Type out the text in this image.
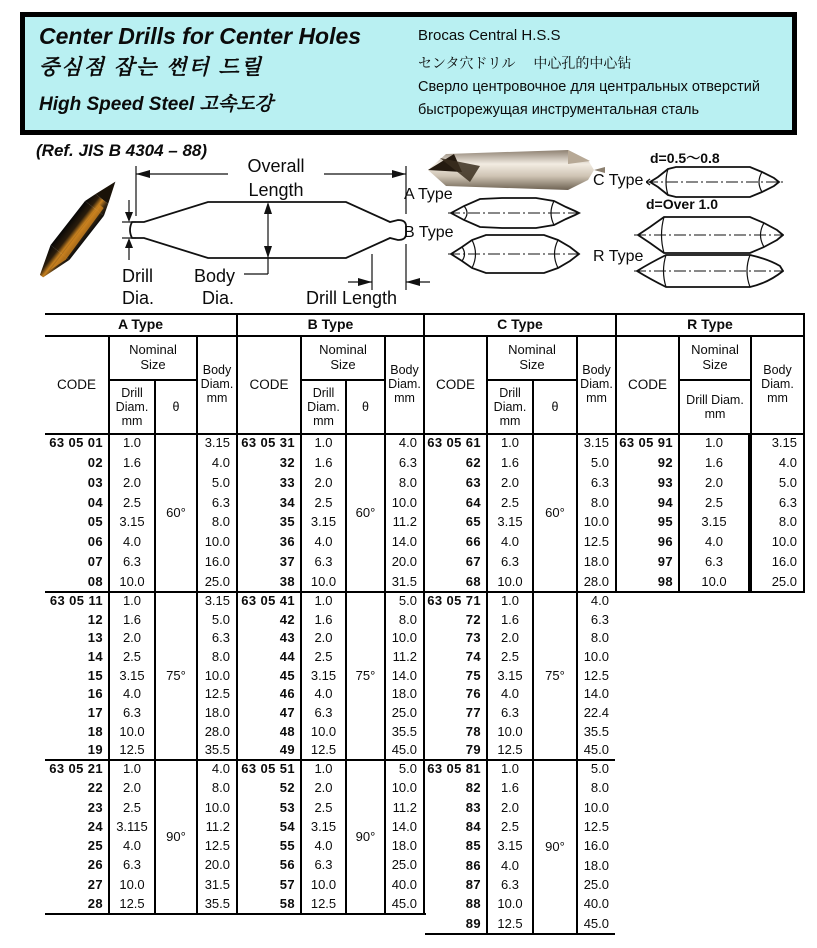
Center Drills for Center Holes
중심점 잡는 썬터 드릴
High Speed Steel 고속도강
Brocas Central H.S.S
センタ穴ドリル　 中心孔的中心钻
Сверло центровочное для центральных отверстий
быстрорежущая инструментальная сталь
(Ref. JIS B 4304 – 88)
Overall
Length
Drill
Dia.
Body
Dia.	Drill Length
A Type
B Type
d=0.5～0.8
C Type
d=Over 1.0
R Type
A Type
CODE
Nominal
Size
Drill
Diam.
mm
θ
Body
Diam.
mm
63 05 01
02
03
04
05
06
07
08
1.0
1.6
2.0
2.5
3.15
4.0
6.3
10.0
60°
3.15
4.0
5.0
6.3
8.0
10.0
16.0
25.0
63 05 11
12
13
14
15
16
17
18
19
1.0
1.6
2.0
2.5
3.15
4.0
6.3
10.0
12.5
75°
3.15
5.0
6.3
8.0
10.0
12.5
18.0
28.0
35.5
63 05 21
22
23
24
25
26
27
28
1.0
2.0
2.5
3.115
4.0
6.3
10.0
12.5
90°
4.0
8.0
10.0
11.2
12.5
20.0
31.5
35.5
B Type
CODE
Nominal
Size
Drill
Diam.
mm
θ
Body
Diam.
mm
63 05 31
32
33
34
35
36
37
38
1.0
1.6
2.0
2.5
3.15
4.0
6.3
10.0
60°
4.0
6.3
8.0
10.0
11.2
14.0
20.0
31.5
63 05 41
42
43
44
45
46
47
48
49
1.0
1.6
2.0
2.5
3.15
4.0
6.3
10.0
12.5
75°
5.0
8.0
10.0
11.2
14.0
18.0
25.0
35.5
45.0
63 05 51
52
53
54
55
56
57
58
1.0
2.0
2.5
3.15
4.0
6.3
10.0
12.5
90°
5.0
10.0
11.2
14.0
18.0
25.0
40.0
45.0
C Type
CODE
Nominal
Size
Drill
Diam.
mm
θ
Body
Diam.
mm
63 05 61
62
63
64
65
66
67
68
1.0
1.6
2.0
2.5
3.15
4.0
6.3
10.0
60°
3.15
5.0
6.3
8.0
10.0
12.5
18.0
28.0
63 05 71
72
73
74
75
76
77
78
79
1.0
1.6
2.0
2.5
3.15
4.0
6.3
10.0
12.5
75°
4.0
6.3
8.0
10.0
12.5
14.0
22.4
35.5
45.0
63 05 81
82
83
84
85
86
87
88
89
1.0
1.6
2.0
2.5
3.15
4.0
6.3
10.0
12.5
90°
5.0
8.0
10.0
12.5
16.0
18.0
25.0
40.0
45.0
R Type
CODE
Nominal
Size
Drill Diam.
mm
Body
Diam.
mm
63 05 91
92
93
94
95
96
97
98
1.0
1.6
2.0
2.5
3.15
4.0
6.3
10.0
3.15
4.0
5.0
6.3
8.0
10.0
16.0
25.0
